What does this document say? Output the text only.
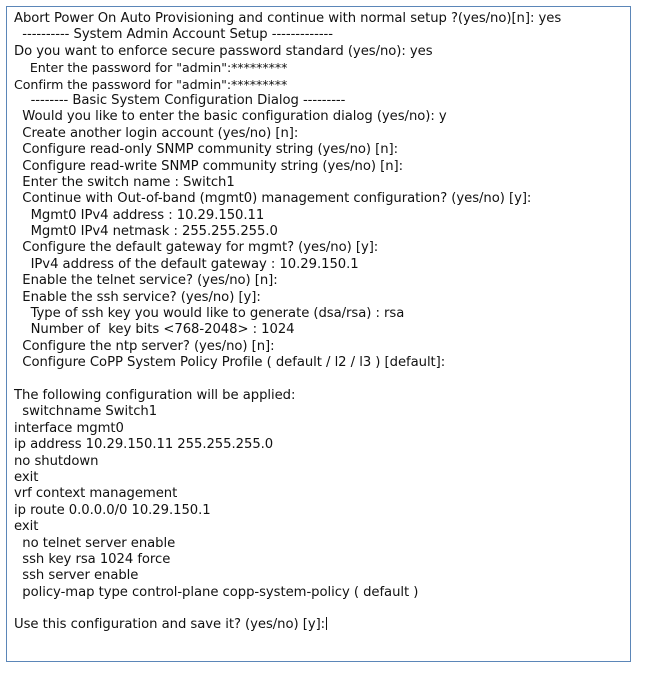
Abort Power On Auto Provisioning and continue with normal setup ?(yes/no)[n]: yes
---------- System Admin Account Setup -------------
Do you want to enforce secure password standard (yes/no): yes
Enter the password for "admin":*********
Confirm the password for "admin":*********
-------- Basic System Configuration Dialog ---------
Would you like to enter the basic configuration dialog (yes/no): y
Create another login account (yes/no) [n]:
Configure read-only SNMP community string (yes/no) [n]:
Configure read-write SNMP community string (yes/no) [n]:
Enter the switch name : Switch1
Continue with Out-of-band (mgmt0) management configuration? (yes/no) [y]:
Mgmt0 IPv4 address : 10.29.150.11
Mgmt0 IPv4 netmask : 255.255.255.0
Configure the default gateway for mgmt? (yes/no) [y]:
IPv4 address of the default gateway : 10.29.150.1
Enable the telnet service? (yes/no) [n]:
Enable the ssh service? (yes/no) [y]:
Type of ssh key you would like to generate (dsa/rsa) : rsa
Number of  key bits <768-2048> : 1024
Configure the ntp server? (yes/no) [n]:
Configure CoPP System Policy Profile ( default / l2 / l3 ) [default]:
The following configuration will be applied:
switchname Switch1
interface mgmt0
ip address 10.29.150.11 255.255.255.0
no shutdown
exit
vrf context management
ip route 0.0.0.0/0 10.29.150.1
exit
no telnet server enable
ssh key rsa 1024 force
ssh server enable
policy-map type control-plane copp-system-policy ( default )
Use this configuration and save it? (yes/no) [y]:
